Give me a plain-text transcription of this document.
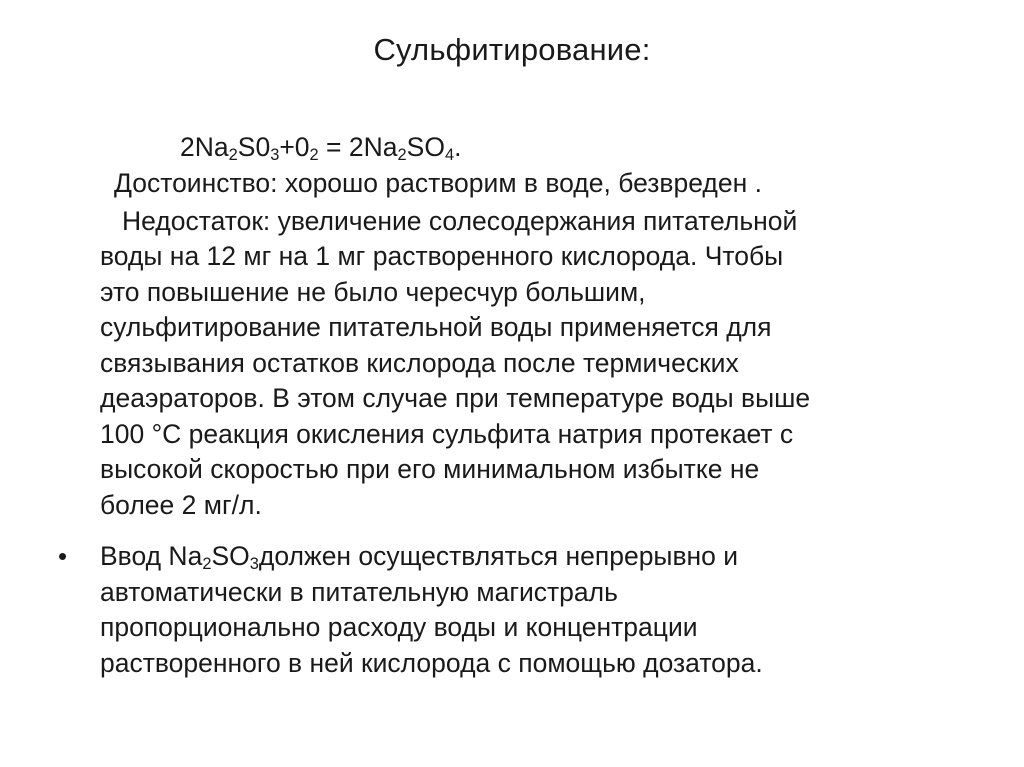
Сульфитирование:
$2Na_2S0_3+0_2 = 2Na_2SO_4$.
Достоинство: хорошо растворим в воде, безвреден .
Недостаток: увеличение солесодержания питательной
воды на 12 мг на 1 мг растворенного кислорода. Чтобы
это повышение не было чересчур большим,
сульфитирование питательной воды применяется для
связывания остатков кислорода после термических
деаэраторов. В этом случае при температуре воды выше
100 °С реакция окисления сульфита натрия протекает с
высокой скоростью при его минимальном избытке не
более 2 мг/л.
• Ввод $Na_2SO_3должен$ осуществляться непрерывно и
автоматически в питательную магистраль
пропорционально расходу воды и концентрации
растворенного в ней кислорода с помощью дозатора.
